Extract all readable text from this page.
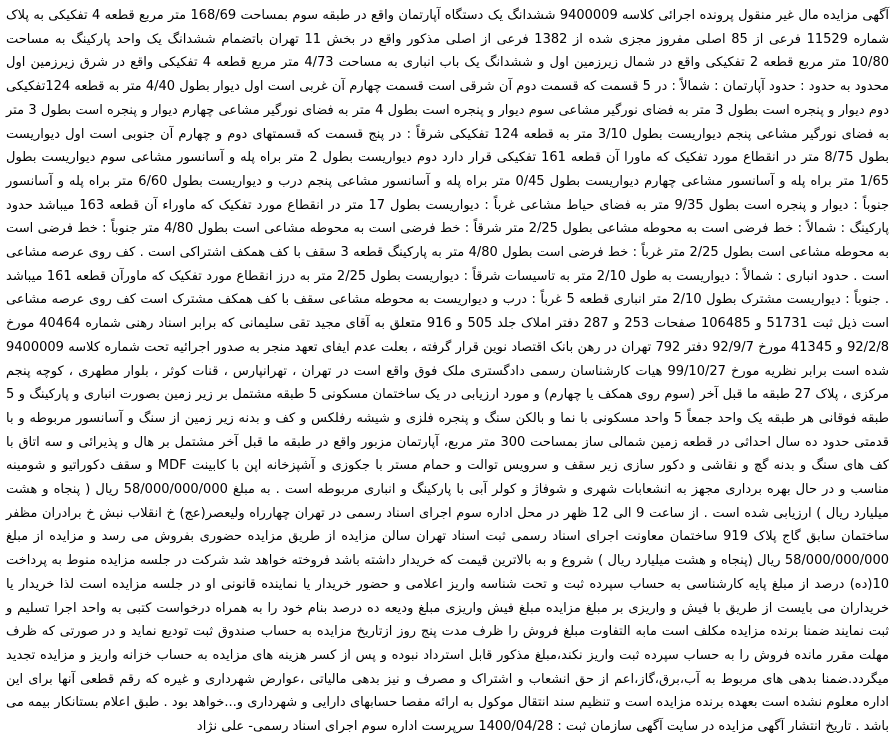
آگهی مزایده مال غیر منقول پرونده اجرائی کلاسه 9400009 ششدانگ یک دستگاه آپارتمان واقع در طبقه سوم بمساحت 168/69 متر مربع قطعه 4 تفکیکی به پلاک شماره 11529 فرعی از 85 اصلی مفروز مجزی شده از 1382 فرعی از اصلی مذکور واقع در بخش 11 تهران باتضمام ششدانگ یک واحد پارکینگ به مساحت 10/80 متر مربع قطعه 2 تفکیکی واقع در شمال زیرزمین اول و ششدانگ یک باب انباری به مساحت 4/73 متر مربع قطعه 4 تفکیکی واقع در شرق زیرزمین اول محدود به حدود : حدود آپارتمان : شمالاً : در 5 قسمت که قسمت دوم آن شرقی است قسمت چهارم آن غربی است اول دیوار بطول 4/40 متر به قطعه 124تفکیکی دوم دیوار و پنجره است بطول 3 متر به فضای نورگیر مشاعی سوم دیوار و پنجره است بطول 4 متر به فضای نورگیر مشاعی چهارم دیوار و پنجره است بطول 3 متر به فضای نورگیر مشاعی پنجم دیواریست بطول 3/10 متر به قطعه 124 تفکیکی شرقاً : در پنج قسمت که قسمتهای دوم و چهارم آن جنوبی است اول دیواریست بطول 8/75 متر در انقطاع مورد تفکیک که ماورا آن قطعه 161 تفکیکی قرار دارد دوم دیواریست بطول 2 متر براه پله و آسانسور مشاعی سوم دیواریست بطول 1/65 متر براه پله و آسانسور مشاعی چهارم دیواریست بطول 0/45 متر براه پله و آسانسور مشاعی پنجم درب و دیواریست بطول 6/60 متر براه پله و آسانسور جنوباً : دیوار و پنجره است بطول 9/35 متر به فضای حیاط مشاعی غرباً : دیواریست بطول 17 متر در انقطاع مورد تفکیک که ماوراء آن قطعه 163 میباشد حدود پارکینگ : شمالاً : خط فرضی است به محوطه مشاعی بطول 2/25 متر شرقاً : خط فرضی است به محوطه مشاعی است بطول 4/80 متر جنوباً : خط فرضی است به محوطه مشاعی است بطول 2/25 متر غرباً : خط فرضی است بطول 4/80 متر به پارکینگ قطعه 3 سقف با کف همکف اشتراکی است . کف روی عرصه مشاعی است . حدود انباری : شمالاً : دیواریست به طول 2/10 متر به تاسیسات شرقاً : دیواریست بطول 2/25 متر به درز انقطاع مورد تفکیک که ماورآن قطعه 161 میباشد . جنوباً : دیواریست مشترک بطول 2/10 متر انباری قطعه 5 غرباً : درب و دیواریست به محوطه مشاعی سقف با کف همکف مشترک است کف روی عرصه مشاعی است ذیل ثبت 51731 و 106485 صفحات 253 و 287 دفتر املاک جلد 505 و 916 متعلق به آقای مجید تقی سلیمانی که برابر اسناد رهنی شماره 40464 مورخ 92/2/8 و 41345 مورخ 92/9/7 دفتر 792 تهران در رهن بانک اقتصاد نوین قرار گرفته ، بعلت عدم ایفای تعهد منجر به صدور اجرائیه تحت شماره کلاسه 9400009 شده است برابر نظریه مورخ 99/10/27 هیات کارشناسان رسمی دادگستری ملک فوق واقع است در تهران ، تهرانپارس ، قنات کوثر ، بلوار مطهری ، کوچه پنجم مرکزی ، پلاک 27 طبقه ما قبل آخر (سوم روی همکف یا چهارم) و مورد ارزیابی در یک ساختمان مسکونی 5 طبقه مشتمل بر زیر زمین بصورت انباری و پارکینگ و 5 طبقه فوقانی هر طبقه یک واحد جمعاً 5 واحد مسکونی با نما و بالکن سنگ و پنجره فلزی و شیشه رفلکس و کف و بدنه زیر زمین از سنگ و آسانسور مربوطه و با قدمتی حدود ده سال احداثی در قطعه زمین شمالی ساز بمساحت 300 متر مربع، آپارتمان مزبور واقع در طبقه ما قبل آخر مشتمل بر هال و پذیرائی و سه اتاق با کف های سنگ و بدنه گچ و نقاشی و دکور سازی زیر سقف و سرویس توالت و حمام مستر با جکوزی و آشپزخانه اپن با کابینت MDF و سقف دکوراتیو و شومینه مناسب و در حال بهره برداری مجهز به انشعابات شهری و شوفاژ و کولر آبی با پارکینگ و انباری مربوطه است . به مبلغ 58/000/000/000 ریال ( پنجاه و هشت میلیارد ریال ) ارزیابی شده است . از ساعت 9 الی 12 ظهر در محل اداره سوم اجرای اسناد رسمی در تهران چهارراه ولیعصر(عج) خ انقلاب نبش خ برادران مظفر ساختمان سابق گاج پلاک 919 ساختمان معاونت اجرای اسناد رسمی ثبت اسناد تهران سالن مزایده از طریق مزایده حضوری بفروش می رسد و مزایده از مبلغ 58/000/000/000 ریال (پنجاه و هشت میلیارد ریال ) شروع و به بالاترین قیمت که خریدار داشته باشد فروخته خواهد شد شرکت در جلسه مزایده منوط به پرداخت 10(ده) درصد از مبلغ پایه کارشناسی به حساب سپرده ثبت و تحت شناسه واریز اعلامی و حضور خریدار یا نماینده قانونی او در جلسه مزایده است لذا خریدار یا خریداران می بایست از طریق با فیش و واریزی بر مبلغ مزایده مبلغ فیش واریزی مبلغ ودیعه ده درصد بنام خود را به همراه درخواست کتبی به واحد اجرا تسلیم و ثبت نمایند ضمنا برنده مزایده مکلف است مابه التفاوت مبلغ فروش را ظرف مدت پنج روز ازتاریخ مزایده به حساب صندوق ثبت تودیع نماید و در صورتی که ظرف مهلت مقرر مانده فروش را به حساب سپرده ثبت واریز نکند،مبلغ مذکور قابل استرداد نبوده و پس از کسر هزینه های مزایده به حساب خزانه واریز و مزایده تجدید میگردد.ضمنا بدهی های مربوط به آب،برق،گاز،اعم از حق انشعاب و اشتراک و مصرف و نیز بدهی مالیاتی ،عوارض شهرداری و غیره که رقم قطعی آنها برای این اداره معلوم نشده است بعهده برنده مزایده است و تنظیم سند انتقال موکول به ارائه مفصا حسابهای دارایی و شهرداری و...خواهد بود . طبق اعلام بستانکار بیمه می باشد . تاریخ انتشار آگهی مزایده در سایت آگهی سازمان ثبت : 1400/04/28 سرپرست اداره سوم اجرای اسناد رسمی- علی نژاد
